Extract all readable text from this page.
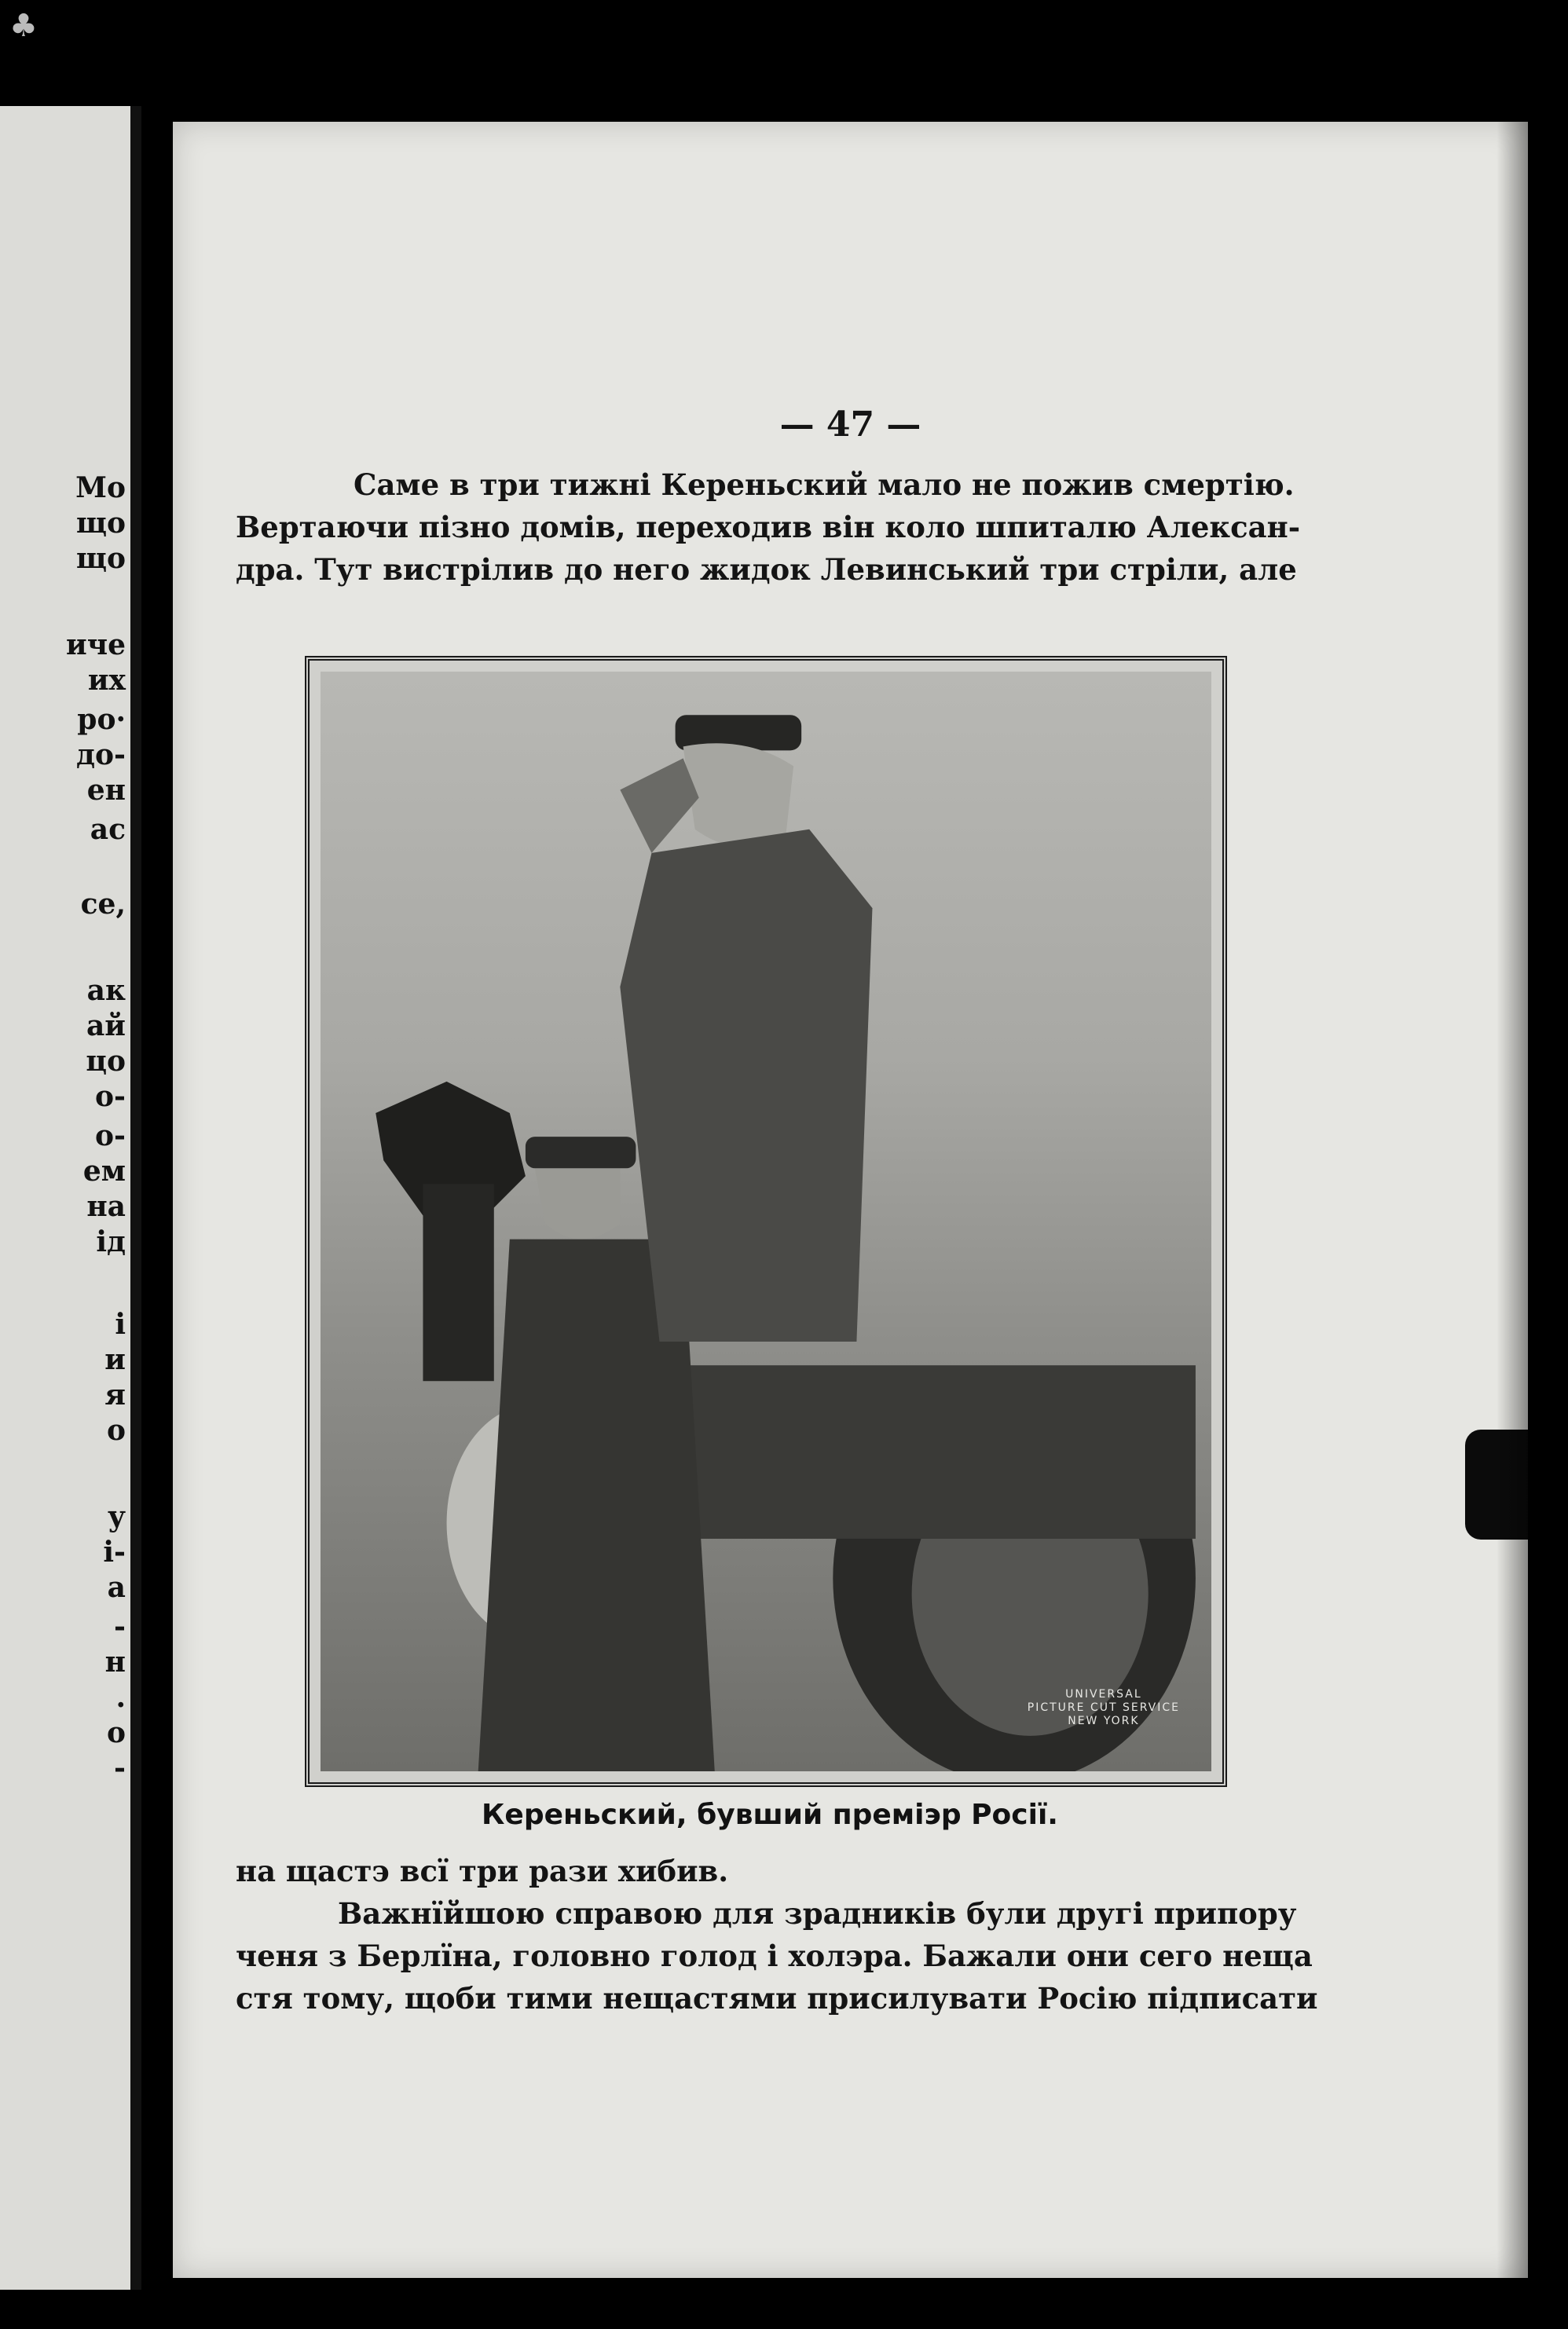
Мо
що
що
иче
их
ро·
до-
ен
ас
се,
ак
ай
цо
о-
о-
ем
на
ід
і
и
я
о
у
і-
а
-
н
.
о
-
♣
— 47 —
Саме в три тижні Кереньский мало не пожив смертію.
Вертаючи пізно домів, переходив він коло шпиталю Алексан-
дра. Тут вистрілив до него жидок Левинський три стріли, але
UNIVERSAL
PICTURE CUT SERVICE
NEW YORK
Кереньский, бувший преміэр Росії.
на щастэ всї три рази хибив.
Важнїйшою справою для зрадників були другі припору
ченя з Берлїна, головно голод і холэра. Бажали они сего неща
стя тому, щоби тими нещастями присилувати Росію підписати
